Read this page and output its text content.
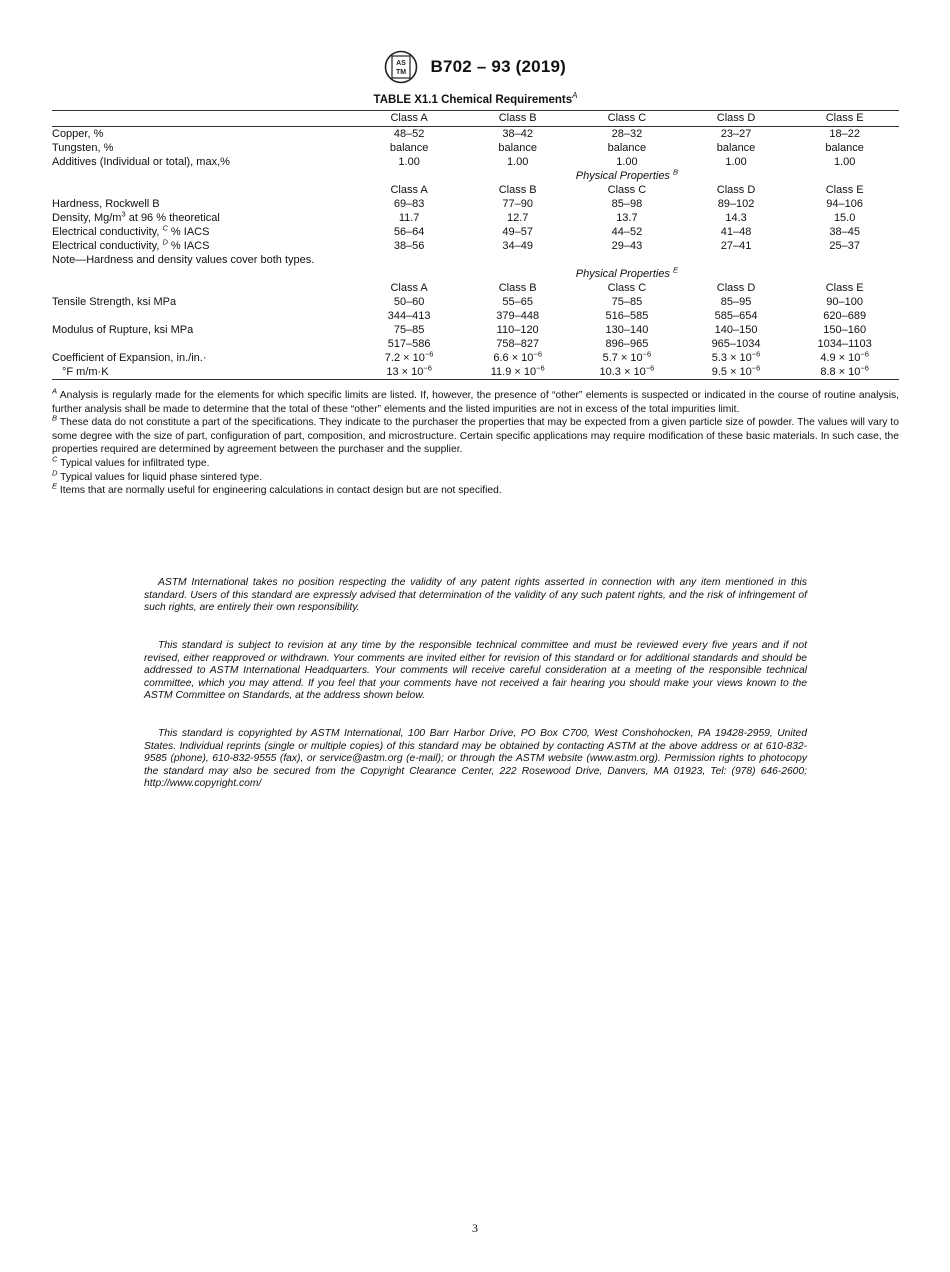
AS
TM B702 – 93 (2019)
TABLE X1.1 Chemical Requirements$^A$
	Class A	Class B	Class C	Class D	Class E
Copper, %	48–52	38–42	28–32	23–27	18–22
Tungsten, %	balance	balance	balance	balance	balance
Additives (Individual or total), max,%	1.00	1.00	1.00	1.00	1.00
			Physical Properties $^B$		
	Class A	Class B	Class C	Class D	Class E
Hardness, Rockwell B	69–83	77–90	85–98	89–102	94–106
Density, $Mg/m^3$ at 96 % theoretical	11.7	12.7	13.7	14.3	15.0
Electrical conductivity, $^C$ % IACS	56–64	49–57	44–52	41–48	38–45
Electrical conductivity, $^D$ % IACS	38–56	34–49	29–43	27–41	25–37
Note—Hardness and density values cover both types.					
			Physical Properties $^E$		
	Class A	Class B	Class C	Class D	Class E
Tensile Strength, ksi MPa	50–60	55–65	75–85	85–95	90–100
	344–413	379–448	516–585	585–654	620–689
Modulus of Rupture, ksi MPa	75–85	110–120	130–140	140–150	150–160
	517–586	758–827	896–965	965–1034	1034–1103
Coefficient of Expansion, in./in.·	$7.2 \times 10^{-6}$	$6.6 \times 10^{-6}$	$5.7 \times 10^{-6}$	$5.3 \times 10^{-6}$	$4.9 \times 10^{-6}$
°F m/m·K	$13 \times 10^{-6}$	$11.9 \times 10^{-6}$	$10.3 \times 10^{-6}$	$9.5 \times 10^{-6}$	$8.8 \times 10^{-6}$

$^A$ Analysis is regularly made for the elements for which specific limits are listed. If, however, the presence of “other” elements is suspected or indicated in the course of routine analysis, further analysis shall be made to determine that the total of these “other” elements and the listed impurities are not in excess of the total impurities limit.

$^B$ These data do not constitute a part of the specifications. They indicate to the purchaser the properties that may be expected from a given particle size of powder. The values will vary to some degree with the size of part, configuration of part, composition, and microstructure. Certain specific applications may require modification of these basic materials. In such case, the properties required are determined by agreement between the purchaser and the supplier.

$^C$ Typical values for infiltrated type.

$^D$ Typical values for liquid phase sintered type.

$^E$ Items that are normally useful for engineering calculations in contact design but are not specified.

ASTM International takes no position respecting the validity of any patent rights asserted in connection with any item mentioned in this standard. Users of this standard are expressly advised that determination of the validity of any such patent rights, and the risk of infringement of such rights, are entirely their own responsibility.

This standard is subject to revision at any time by the responsible technical committee and must be reviewed every five years and if not revised, either reapproved or withdrawn. Your comments are invited either for revision of this standard or for additional standards and should be addressed to ASTM International Headquarters. Your comments will receive careful consideration at a meeting of the responsible technical committee, which you may attend. If you feel that your comments have not received a fair hearing you should make your views known to the ASTM Committee on Standards, at the address shown below.

This standard is copyrighted by ASTM International, 100 Barr Harbor Drive, PO Box C700, West Conshohocken, PA 19428-2959, United States. Individual reprints (single or multiple copies) of this standard may be obtained by contacting ASTM at the above address or at 610-832-9585 (phone), 610-832-9555 (fax), or service@astm.org (e-mail); or through the ASTM website (www.astm.org). Permission rights to photocopy the standard may also be secured from the Copyright Clearance Center, 222 Rosewood Drive, Danvers, MA 01923, Tel: (978) 646-2600; http://www.copyright.com/

3
